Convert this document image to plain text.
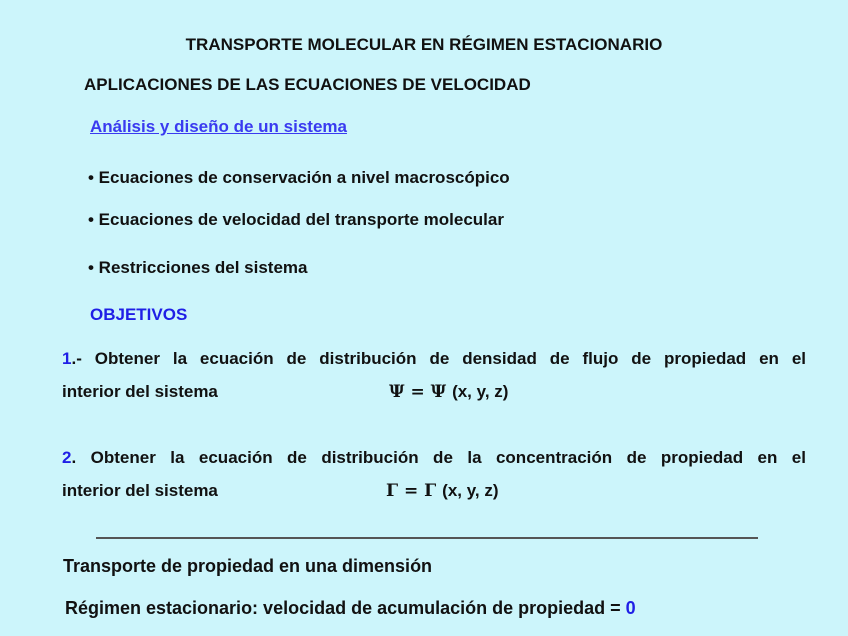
TRANSPORTE MOLECULAR EN RÉGIMEN ESTACIONARIO
APLICACIONES DE LAS ECUACIONES DE VELOCIDAD
Análisis y diseño de un sistema
• Ecuaciones de conservación a nivel macroscópico
• Ecuaciones de velocidad del transporte molecular
• Restricciones del sistema
OBJETIVOS
1.- Obtener la ecuación de distribución de densidad de flujo de propiedad en el
interior del sistema	Ψ = Ψ (x, y, z)
2. Obtener la ecuación de distribución de la concentración de propiedad en el
interior del sistema	Γ = Γ (x, y, z)
Transporte de propiedad en una dimensión
Régimen estacionario: velocidad de acumulación de propiedad = 0
